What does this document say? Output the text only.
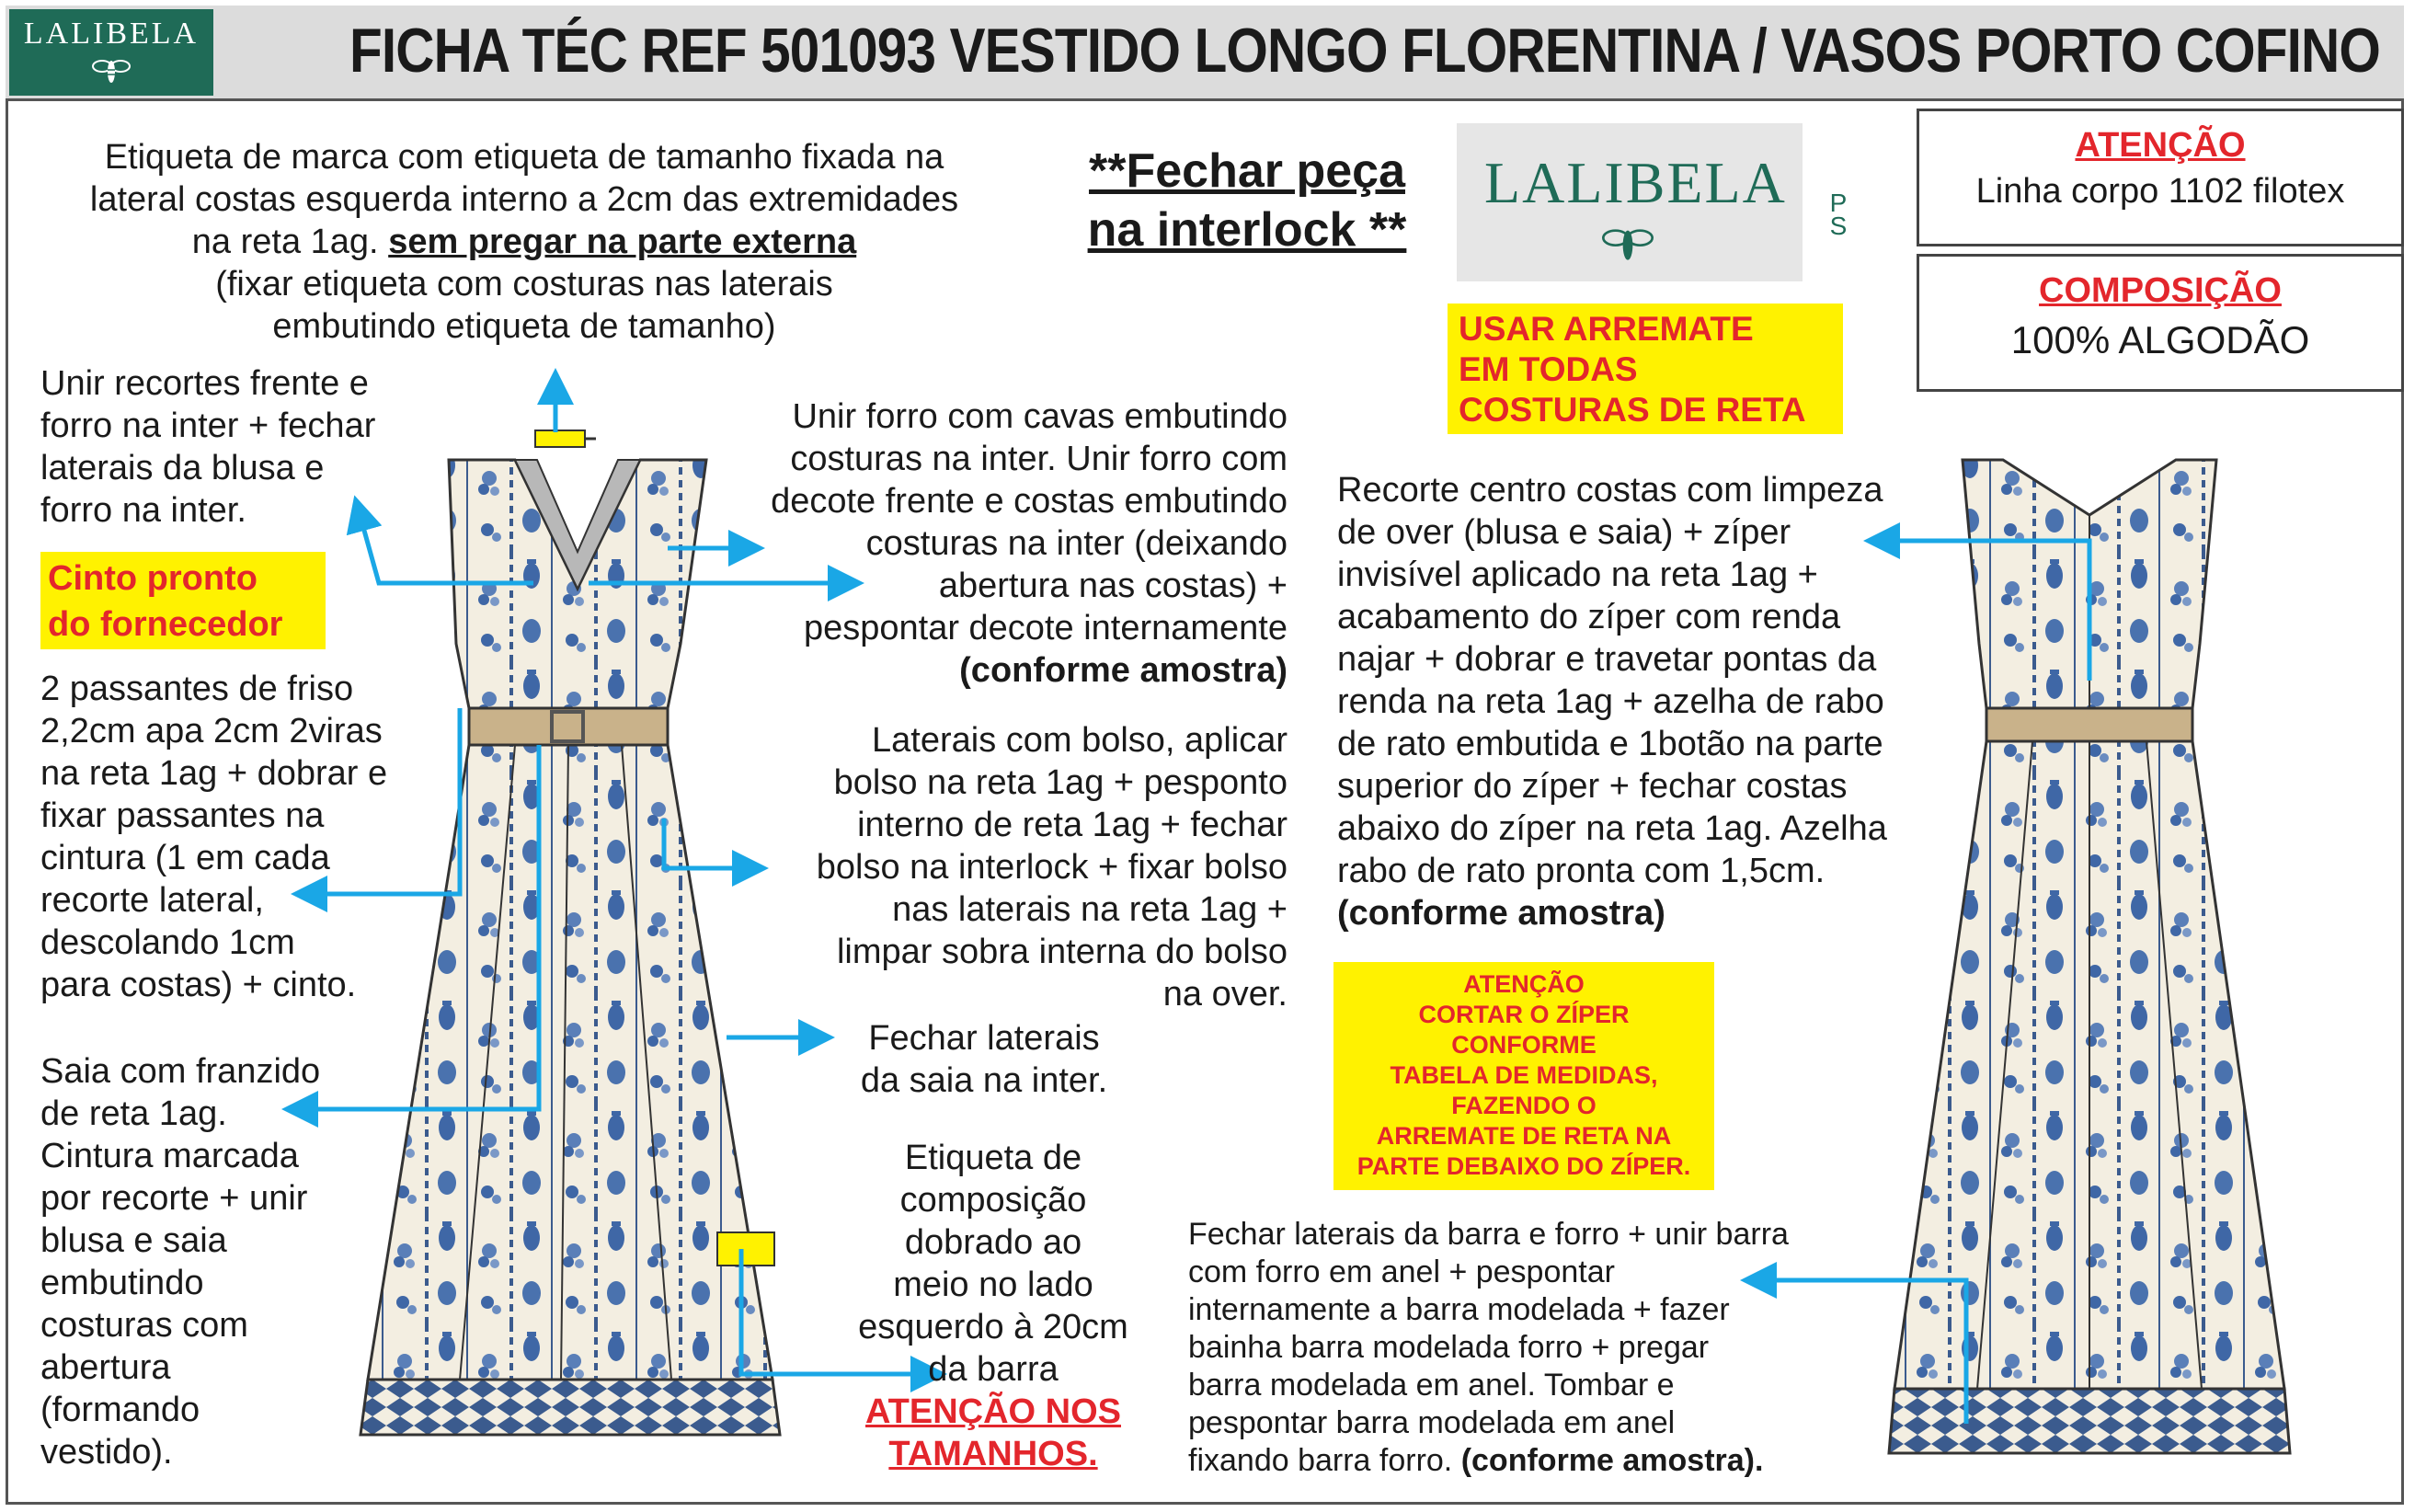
LALIBELA FICHA TÉC REF 501093 VESTIDO LONGO FLORENTINA / VASOS PORTO COFINO
Etiqueta de marca com etiqueta de tamanho fixada na
lateral costas esquerda interno a 2cm das extremidades
na reta 1ag. sem pregar na parte externa
(fixar etiqueta com costuras nas laterais
embutindo etiqueta de tamanho)
Unir recortes frente e
forro na inter + fechar
laterais da blusa e
forro na inter.
Cinto pronto
do fornecedor
2 passantes de friso
2,2cm apa 2cm 2viras
na reta 1ag + dobrar e
fixar passantes na
cintura (1 em cada
recorte lateral,
descolando 1cm
para costas) + cinto.
Saia com franzido
de reta 1ag.
Cintura marcada
por recorte + unir
blusa e saia
embutindo
costuras com
abertura
(formando
vestido).
**Fechar peça
na interlock **
Unir forro com cavas embutindo
costuras na inter. Unir forro com
decote frente e costas embutindo
costuras na inter (deixando
abertura nas costas) +
pespontar decote internamente
(conforme amostra)
Laterais com bolso, aplicar
bolso na reta 1ag + pesponto
interno de reta 1ag + fechar
bolso na interlock + fixar bolso
nas laterais na reta 1ag +
limpar sobra interna do bolso
na over.
Fechar laterais
da saia na inter.
Etiqueta de
composição
dobrado ao
meio no lado
esquerdo à 20cm
da barra
ATENÇÃO NOS
TAMANHOS.
LALIBELA	P
S
USAR ARREMATE
EM TODAS
COSTURAS DE RETA
ATENÇÃO
Linha corpo 1102 filotex
COMPOSIÇÃO
100% ALGODÃO
Recorte centro costas com limpeza
de over (blusa e saia) + zíper
invisível aplicado na reta 1ag +
acabamento do zíper com renda
najar + dobrar e travetar pontas da
renda na reta 1ag + azelha de rabo
de rato embutida e 1botão na parte
superior do zíper + fechar costas
abaixo do zíper na reta 1ag. Azelha
rabo de rato pronta com 1,5cm.
(conforme amostra)
ATENÇÃO
CORTAR O ZÍPER
CONFORME
TABELA DE MEDIDAS,
FAZENDO O
ARREMATE DE RETA NA
PARTE DEBAIXO DO ZÍPER.
Fechar laterais da barra e forro + unir barra
com forro em anel + pespontar
internamente a barra modelada + fazer
bainha barra modelada forro + pregar
barra modelada em anel. Tombar e
pespontar barra modelada em anel
fixando barra forro. (conforme amostra).
